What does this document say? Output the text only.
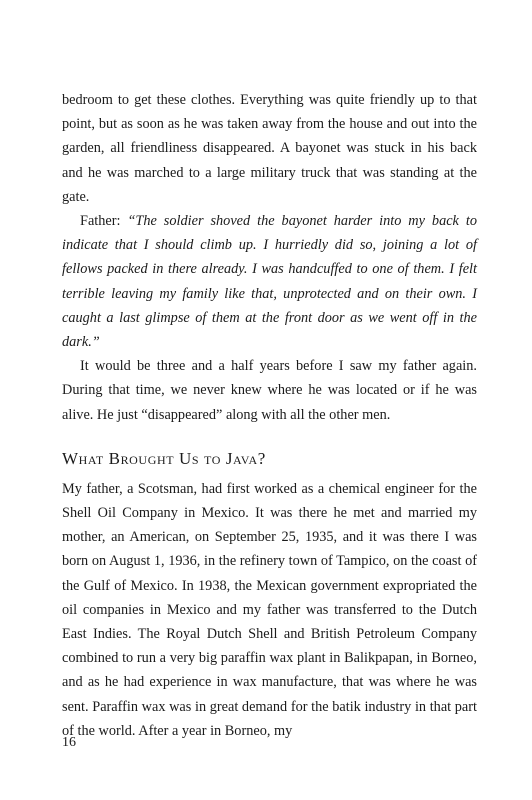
bedroom to get these clothes. Everything was quite friendly up to that point, but as soon as he was taken away from the house and out into the garden, all friendliness disappeared. A bayonet was stuck in his back and he was marched to a large military truck that was standing at the gate.

Father: “The soldier shoved the bayonet harder into my back to indicate that I should climb up. I hurriedly did so, joining a lot of fellows packed in there already. I was handcuffed to one of them. I felt terrible leaving my family like that, unprotected and on their own. I caught a last glimpse of them at the front door as we went off in the dark.”

It would be three and a half years before I saw my father again. During that time, we never knew where he was located or if he was alive. He just “disappeared” along with all the other men.

What Brought Us to Java?

My father, a Scotsman, had first worked as a chemical engineer for the Shell Oil Company in Mexico. It was there he met and married my mother, an American, on September 25, 1935, and it was there I was born on August 1, 1936, in the refinery town of Tampico, on the coast of the Gulf of Mexico. In 1938, the Mexican government expropriated the oil companies in Mexico and my father was transferred to the Dutch East Indies. The Royal Dutch Shell and British Petroleum Company combined to run a very big paraffin wax plant in Balikpapan, in Borneo, and as he had experience in wax manufacture, that was where he was sent. Paraffin wax was in great demand for the batik industry in that part of the world. After a year in Borneo, my

16
